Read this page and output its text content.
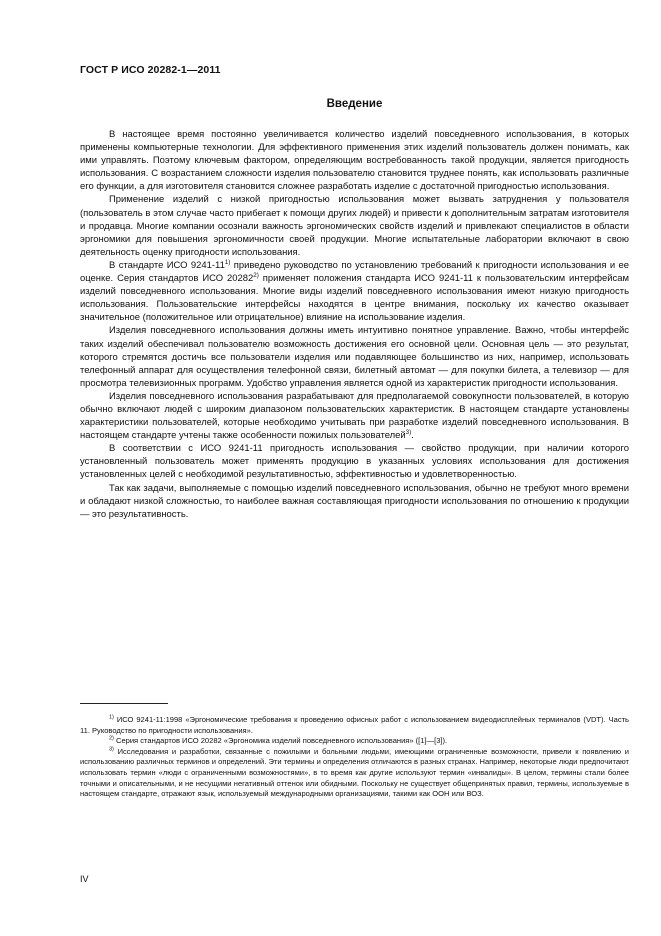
ГОСТ Р ИСО 20282-1—2011
Введение

В настоящее время постоянно увеличивается количество изделий повседневного использования, в которых применены компьютерные технологии. Для эффективного применения этих изделий пользователь должен понимать, как ими управлять. Поэтому ключевым фактором, определяющим востребованность такой продукции, является пригодность использования. С возрастанием сложности изделия пользователю становится труднее понять, как использовать различные его функции, а для изготовителя становится сложнее разработать изделие с достаточной пригодностью использования.

Применение изделий с низкой пригодностью использования может вызвать затруднения у пользователя (пользователь в этом случае часто прибегает к помощи других людей) и привести к дополнительным затратам изготовителя и продавца. Многие компании осознали важность эргономических свойств изделий и привлекают специалистов в области эргономики для повышения эргономичности своей продукции. Многие испытательные лаборатории включают в свою деятельность оценку пригодности использования.

В стандарте ИСО 9241-11$^{1)}$ приведено руководство по установлению требований к пригодности использования и ее оценке. Серия стандартов ИСО 20282$^{2)}$ применяет положения стандарта ИСО 9241-11 к пользовательским интерфейсам изделий повседневного использования. Многие виды изделий повседневного использования имеют низкую пригодность использования. Пользовательские интерфейсы находятся в центре внимания, поскольку их качество оказывает значительное (положительное или отрицательное) влияние на использование изделия.

Изделия повседневного использования должны иметь интуитивно понятное управление. Важно, чтобы интерфейс таких изделий обеспечивал пользователю возможность достижения его основной цели. Основная цель — это результат, которого стремятся достичь все пользователи изделия или подавляющее большинство из них, например, использовать телефонный аппарат для осуществления телефонной связи, билетный автомат — для покупки билета, а телевизор — для просмотра телевизионных программ. Удобство управления является одной из характеристик пригодности использования.

Изделия повседневного использования разрабатывают для предполагаемой совокупности пользователей, в которую обычно включают людей с широким диапазоном пользовательских характеристик. В настоящем стандарте установлены характеристики пользователей, которые необходимо учитывать при разработке изделий повседневного использования. В настоящем стандарте учтены также особенности пожилых пользователей$^{3)}$.

В соответствии с ИСО 9241-11 пригодность использования — свойство продукции, при наличии которого установленный пользователь может применять продукцию в указанных условиях использования для достижения установленных целей с необходимой результативностью, эффективностью и удовлетворенностью.

Так как задачи, выполняемые с помощью изделий повседневного использования, обычно не требуют много времени и обладают низкой сложностью, то наиболее важная составляющая пригодности использования по отношению к продукции — это результативность.

$^{1)}$ ИСО 9241-11:1998 «Эргономические требования к проведению офисных работ с использованием видеодисплейных терминалов (VDT). Часть 11. Руководство по пригодности использования».

$^{2)}$ Серия стандартов ИСО 20282 «Эргономика изделий повседневного использования» ([1]—[3]).

$^{3)}$ Исследования и разработки, связанные с пожилыми и больными людьми, имеющими ограниченные возможности, привели к появлению и использованию различных терминов и определений. Эти термины и определения отличаются в разных странах. Например, некоторые люди предпочитают использовать термин «люди с ограниченными возможностями», в то время как другие используют термин «инвалиды». В целом, термины стали более точными и описательными, и не несущими негативный оттенок или обидными. Поскольку не существует общепринятых правил, термины, используемые в настоящем стандарте, отражают язык, используемый международными организациями, такими как ООН или ВОЗ.

IV
